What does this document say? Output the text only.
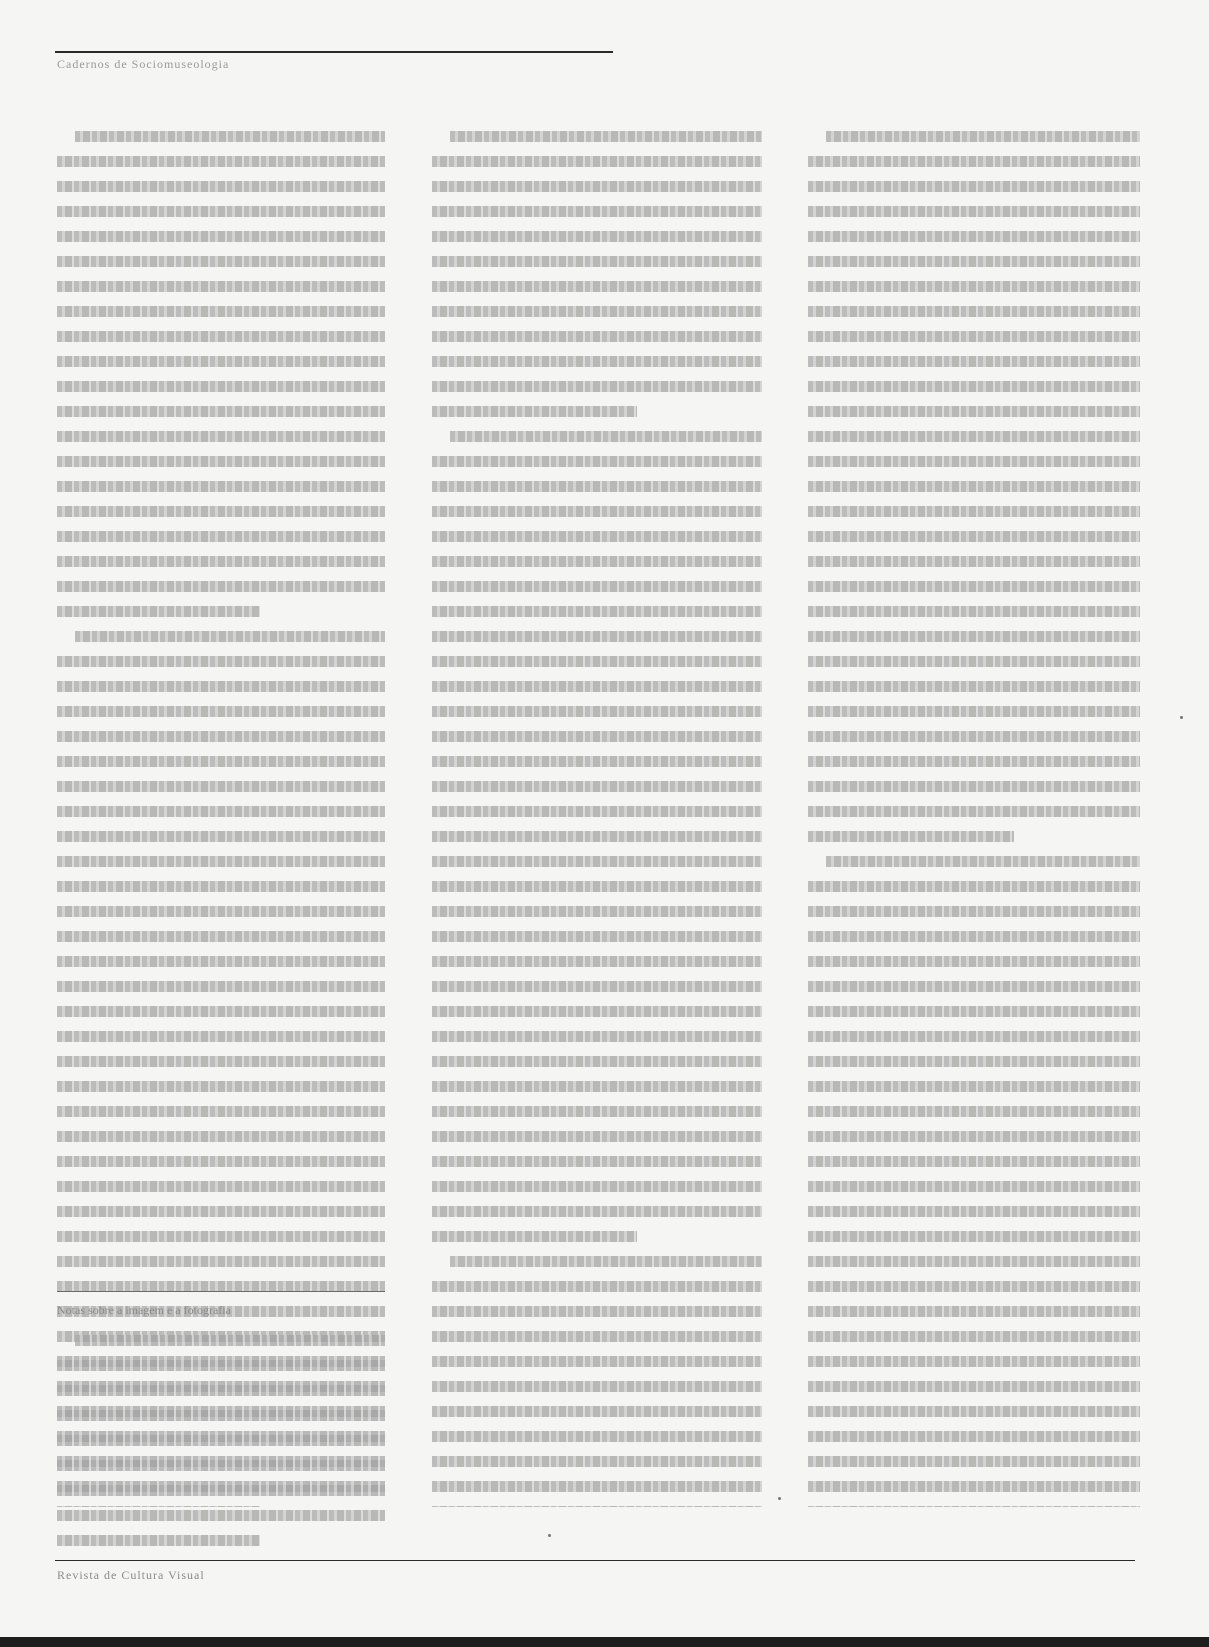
Cadernos de Sociomuseologia
Notas sobre a imagem e a fotografia
Revista de Cultura Visual
